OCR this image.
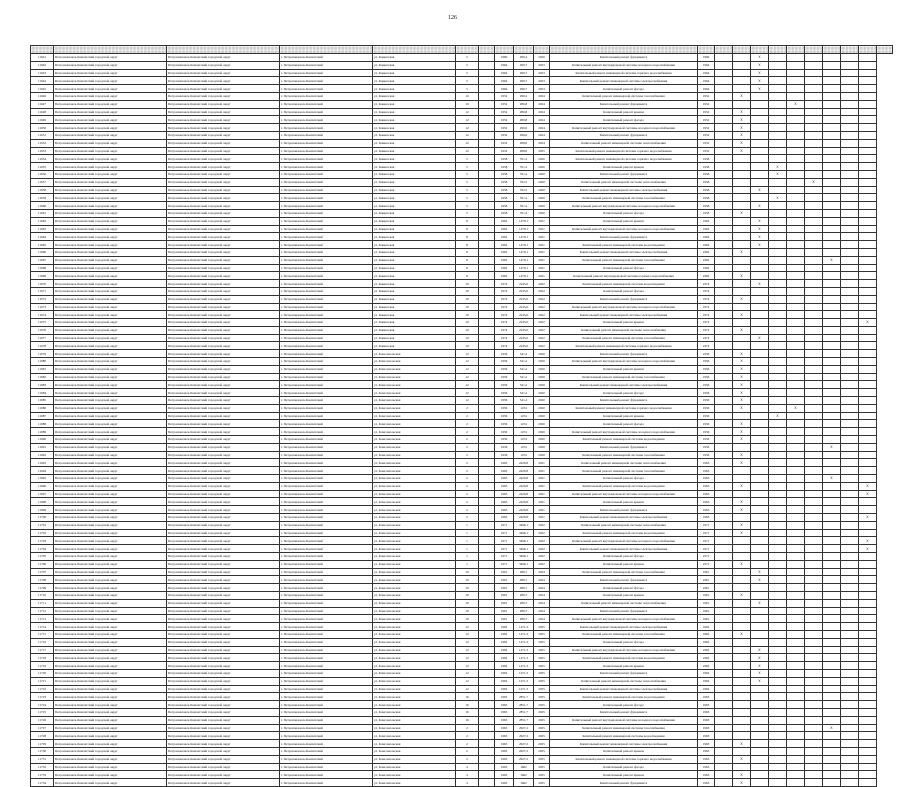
126

11641	Петропавловск-Камчатский городской округ	Петропавловск-Камчатский городской округ	г. Петропавловск-Камчатский	ул. Кавказская	5		1960	296,2	2020	Капитальный ремонт фундамента	1960			X							
11642	Петропавловск-Камчатский городской округ	Петропавловск-Камчатский городской округ	г. Петропавловск-Камчатский	ул. Кавказская	5		1964	296,7	2023	Капитальный ремонт внутридомовой системы холодного водоснабжения	1964			X							
11643	Петропавловск-Камчатский городской округ	Петропавловск-Камчатский городской округ	г. Петропавловск-Камчатский	ул. Кавказская	5		1964	296,7	2023	Капитальный ремонт инженерной системы горячего водоснабжения	1964			X							
11644	Петропавловск-Камчатский городской округ	Петропавловск-Камчатский городской округ	г. Петропавловск-Камчатский	ул. Кавказская	5		1964	296,7	2023	Капитальный ремонт инженерной системы электроснабжения	1964			X							
11645	Петропавловск-Камчатский городской округ	Петропавловск-Камчатский городской округ	г. Петропавловск-Камчатский	ул. Кавказская	5		1964	296,7	2023	Капитальный ремонт фасада	1964			X							
11646	Петропавловск-Камчатский городской округ	Петропавловск-Камчатский городской округ	г. Петропавловск-Камчатский	ул. Кавказская	10		1952	296,2	2024	Капитальный ремонт инженерной системы газоснабжения	1952		X								
11647	Петропавловск-Камчатский городской округ	Петропавловск-Камчатский городской округ	г. Петропавловск-Камчатский	ул. Кавказская	10		1952	286,8	2024	Капитальный ремонт фундамента	1952					X					
11648	Петропавловск-Камчатский городской округ	Петропавловск-Камчатский городской округ	г. Петропавловск-Камчатский	ул. Кавказская	12		1952	286,8	2024	Капитальный ремонт крыши	1952		X								
11649	Петропавловск-Камчатский городской округ	Петропавловск-Камчатский городской округ	г. Петропавловск-Камчатский	ул. Кавказская	12		1952	286,8	2024	Капитальный ремонт фасада	1952		X								
11650	Петропавловск-Камчатский городской округ	Петропавловск-Камчатский городской округ	г. Петропавловск-Камчатский	ул. Кавказская	12		1952	296,0	2024	Капитальный ремонт внутридомовой системы холодного водоснабжения	1952		X								
11651	Петропавловск-Камчатский городской округ	Петропавловск-Камчатский городской округ	г. Петропавловск-Камчатский	ул. Кавказская	12		1952	296,0	2024	Капитальный ремонт фундамента	1952		X								
11652	Петропавловск-Камчатский городской округ	Петропавловск-Камчатский городской округ	г. Петропавловск-Камчатский	ул. Кавказская	12		1952	288,6	2024	Капитальный ремонт инженерной системы теплоснабжения	1952		X								
11653	Петропавловск-Камчатский городской округ	Петропавловск-Камчатский городской округ	г. Петропавловск-Камчатский	ул. Кавказская	12		1952	288,6	2025	Капитальный ремонт инженерной системы горячего водоснабжения	1952		X								
11654	Петропавловск-Камчатский городской округ	Петропавловск-Камчатский городской округ	г. Петропавловск-Камчатский	ул. Кавказская	5		1958	761,2	2020	Капитальный ремонт инженерной системы горячего водоснабжения	1958										
11655	Петропавловск-Камчатский городской округ	Петропавловск-Камчатский городской округ	г. Петропавловск-Камчатский	ул. Кавказская	5		1958	761,2	2020	Капитальный ремонт крыши	1958				X						
11656	Петропавловск-Камчатский городской округ	Петропавловск-Камчатский городской округ	г. Петропавловск-Камчатский	ул. Кавказская	5		1958	761,2	2020	Капитальный ремонт фундамента	1958				X						
11657	Петропавловск-Камчатский городской округ	Петропавловск-Камчатский городской округ	г. Петропавловск-Камчатский	ул. Кавказская	5		1958	762,5	2020	Капитальный ремонт инженерной системы теплоснабжения	1958						X				
11658	Петропавловск-Камчатский городской округ	Петропавловск-Камчатский городской округ	г. Петропавловск-Камчатский	ул. Кавказская	5		1958	762,5	2020	Капитальный ремонт инженерной системы электроснабжения	1958			X							
11659	Петропавловск-Камчатский городской округ	Петропавловск-Камчатский городской округ	г. Петропавловск-Камчатский	ул. Кавказская	5		1958	761,2	2020	Капитальный ремонт инженерной системы газоснабжения	1958				X						
11660	Петропавловск-Камчатский городской округ	Петропавловск-Камчатский городской округ	г. Петропавловск-Камчатский	ул. Кавказская	5		1958	761,2	2020	Капитальный ремонт внутридомовой системы холодного водоснабжения	1958			X							
11661	Петропавловск-Камчатский городской округ	Петропавловск-Камчатский городской округ	г. Петропавловск-Камчатский	ул. Кавказская	5		1958	761,2	2020	Капитальный ремонт фасада	1958		X								
11662	Петропавловск-Камчатский городской округ	Петропавловск-Камчатский городской округ	г. Петропавловск-Камчатский	ул. Кавказская	8		1962	1470,1	2021	Капитальный ремонт крыши	1962			X							
11663	Петропавловск-Камчатский городской округ	Петропавловск-Камчатский городской округ	г. Петропавловск-Камчатский	ул. Кавказская	8		1962	1470,1	2021	Капитальный ремонт внутридомовой системы холодного водоснабжения	1962			X							
11664	Петропавловск-Камчатский городской округ	Петропавловск-Камчатский городской округ	г. Петропавловск-Камчатский	ул. Кавказская	8		1962	1470,1	2021	Капитальный ремонт фундамента	1962			X							
11665	Петропавловск-Камчатский городской округ	Петропавловск-Камчатский городской округ	г. Петропавловск-Камчатский	ул. Кавказская	8		1962	1470,1	2021	Капитальный ремонт инженерной системы водоотведения	1962			X							
11666	Петропавловск-Камчатский городской округ	Петропавловск-Камчатский городской округ	г. Петропавловск-Камчатский	ул. Кавказская	8		1962	1470,1	2021	Капитальный ремонт инженерной системы электроснабжения	1962		X								
11667	Петропавловск-Камчатский городской округ	Петропавловск-Камчатский городской округ	г. Петропавловск-Камчатский	ул. Кавказская	8		1962	1470,1	2021	Капитальный ремонт инженерной системы газоснабжения	1962							X			
11668	Петропавловск-Камчатский городской округ	Петропавловск-Камчатский городской округ	г. Петропавловск-Камчатский	ул. Кавказская	8		1962	1470,1	2021	Капитальный ремонт фасада	1962										
11669	Петропавловск-Камчатский городской округ	Петропавловск-Камчатский городской округ	г. Петропавловск-Камчатский	ул. Кавказская	8		1962	1470,1	2021	Капитальный ремонт внутридомовой системы горячего водоснабжения	1962		X								
11670	Петропавловск-Камчатский городской округ	Петропавловск-Камчатский городской округ	г. Петропавловск-Камчатский	ул. Кавказская	10		1974	2245,6	2022	Капитальный ремонт инженерной системы водоотведения	1974			X							
11671	Петропавловск-Камчатский городской округ	Петропавловск-Камчатский городской округ	г. Петропавловск-Камчатский	ул. Кавказская	10		1974	2245,6	2022	Капитальный ремонт фасада	1974										
11672	Петропавловск-Камчатский городской округ	Петропавловск-Камчатский городской округ	г. Петропавловск-Камчатский	ул. Кавказская	10		1974	2245,6	2022	Капитальный ремонт фундамента	1974		X								
11673	Петропавловск-Камчатский городской округ	Петропавловск-Камчатский городской округ	г. Петропавловск-Камчатский	ул. Кавказская	10		1974	2245,6	2022	Капитальный ремонт внутридомовой системы холодного водоснабжения	1974										
11674	Петропавловск-Камчатский городской округ	Петропавловск-Камчатский городской округ	г. Петропавловск-Камчатский	ул. Кавказская	10		1974	2245,6	2022	Капитальный ремонт инженерной системы электроснабжения	1974		X								
11675	Петропавловск-Камчатский городской округ	Петропавловск-Камчатский городской округ	г. Петропавловск-Камчатский	ул. Кавказская	10		1974	2245,6	2022	Капитальный ремонт крыши	1974									X	
11676	Петропавловск-Камчатский городской округ	Петропавловск-Камчатский городской округ	г. Петропавловск-Камчатский	ул. Кавказская	10		1974	2245,6	2022	Капитальный ремонт инженерной системы теплоснабжения	1974		X								
11677	Петропавловск-Камчатский городской округ	Петропавловск-Камчатский городской округ	г. Петропавловск-Камчатский	ул. Кавказская	10		1974	2245,6	2022	Капитальный ремонт инженерной системы газоснабжения	1974			X							
11678	Петропавловск-Камчатский городской округ	Петропавловск-Камчатский городской округ	г. Петропавловск-Камчатский	ул. Кавказская	10		1974	2245,6	2022	Капитальный ремонт инженерной системы горячего водоснабжения	1974										
11679	Петропавловск-Камчатский городской округ	Петропавловск-Камчатский городской округ	г. Петропавловск-Камчатский	ул. Комсомольская	12		1956	541,2	2020	Капитальный ремонт фундамента	1956		X								
11680	Петропавловск-Камчатский городской округ	Петропавловск-Камчатский городской округ	г. Петропавловск-Камчатский	ул. Комсомольская	12		1956	541,2	2020	Капитальный ремонт внутридомовой системы холодного водоснабжения	1956		X								
11681	Петропавловск-Камчатский городской округ	Петропавловск-Камчатский городской округ	г. Петропавловск-Камчатский	ул. Комсомольская	12		1956	541,2	2020	Капитальный ремонт крыши	1956		X								
11682	Петропавловск-Камчатский городской округ	Петропавловск-Камчатский городской округ	г. Петропавловск-Камчатский	ул. Комсомольская	12		1956	541,2	2020	Капитальный ремонт инженерной системы газоснабжения	1956		X								
11683	Петропавловск-Камчатский городской округ	Петропавловск-Камчатский городской округ	г. Петропавловск-Камчатский	ул. Комсомольская	12		1956	541,2	2020	Капитальный ремонт инженерной системы электроснабжения	1956		X								
11684	Петропавловск-Камчатский городской округ	Петропавловск-Камчатский городской округ	г. Петропавловск-Камчатский	ул. Комсомольская	12		1956	541,2	2020	Капитальный ремонт фасада	1956		X								
11685	Петропавловск-Камчатский городской округ	Петропавловск-Камчатский городской округ	г. Петропавловск-Камчатский	ул. Комсомольская	12		1956	541,2	2020	Капитальный ремонт фундамента	1956		X								
11686	Петропавловск-Камчатский городской округ	Петропавловск-Камчатский городской округ	г. Петропавловск-Камчатский	ул. Комсомольская	2		1956	1474	2020	Капитальный ремонт инженерной системы горячего водоснабжения	1956		X			X					
11687	Петропавловск-Камчатский городской округ	Петропавловск-Камчатский городской округ	г. Петропавловск-Камчатский	ул. Комсомольская	2		1956	1474	2020	Капитальный ремонт крыши	1956				X						
11688	Петропавловск-Камчатский городской округ	Петропавловск-Камчатский городской округ	г. Петропавловск-Камчатский	ул. Комсомольская	2		1956	1474	2020	Капитальный ремонт фасада	1956		X								
11689	Петропавловск-Камчатский городской округ	Петропавловск-Камчатский городской округ	г. Петропавловск-Камчатский	ул. Комсомольская	2		1956	1474	2020	Капитальный ремонт внутридомовой системы холодного водоснабжения	1956		X								
11690	Петропавловск-Камчатский городской округ	Петропавловск-Камчатский городской округ	г. Петропавловск-Камчатский	ул. Комсомольская	2		1956	1474	2020	Капитальный ремонт инженерной системы водоотведения	1956		X								
11691	Петропавловск-Камчатский городской округ	Петропавловск-Камчатский городской округ	г. Петропавловск-Камчатский	ул. Комсомольская	2		1956	1474	2020	Капитальный ремонт фундамента	1956							X			
11692	Петропавловск-Камчатский городской округ	Петропавловск-Камчатский городской округ	г. Петропавловск-Камчатский	ул. Комсомольская	2		1956	1474	2020	Капитальный ремонт инженерной системы газоснабжения	1956		X								
11693	Петропавловск-Камчатский городской округ	Петропавловск-Камчатский городской округ	г. Петропавловск-Камчатский	ул. Комсомольская	2		1963	2420,8	2021	Капитальный ремонт инженерной системы теплоснабжения	1963		X								
11694	Петропавловск-Камчатский городской округ	Петропавловск-Камчатский городской округ	г. Петропавловск-Камчатский	ул. Комсомольская	2		1963	2420,8	2021	Капитальный ремонт инженерной системы газоснабжения	1963										
11695	Петропавловск-Камчатский городской округ	Петропавловск-Камчатский городской округ	г. Петропавловск-Камчатский	ул. Комсомольская	2		1963	2420,8	2021	Капитальный ремонт фасада	1963							X			
11696	Петропавловск-Камчатский городской округ	Петропавловск-Камчатский городской округ	г. Петропавловск-Камчатский	ул. Комсомольская	2		1963	2420,8	2021	Капитальный ремонт инженерной системы водоотведения	1963		X							X	
11697	Петропавловск-Камчатский городской округ	Петропавловск-Камчатский городской округ	г. Петропавловск-Камчатский	ул. Комсомольская	2		1963	2420,8	2021	Капитальный ремонт внутридомовой системы холодного водоснабжения	1963									X	
11698	Петропавловск-Камчатский городской округ	Петропавловск-Камчатский городской округ	г. Петропавловск-Камчатский	ул. Комсомольская	2		1963	2420,8	2021	Капитальный ремонт крыши	1963		X								
11699	Петропавловск-Камчатский городской округ	Петропавловск-Камчатский городской округ	г. Петропавловск-Камчатский	ул. Комсомольская	2		1963	2420,8	2021	Капитальный ремонт фундамента	1963		X								
11700	Петропавловск-Камчатский городской округ	Петропавловск-Камчатский городской округ	г. Петропавловск-Камчатский	ул. Комсомольская	2		1963	2420,8	2021	Капитальный ремонт инженерной системы электроснабжения	1963									X	
11701	Петропавловск-Камчатский городской округ	Петропавловск-Камчатский городской округ	г. Петропавловск-Камчатский	ул. Комсомольская	1		1971	3496,1	2022	Капитальный ремонт инженерной системы теплоснабжения	1971		X								
11702	Петропавловск-Камчатский городской округ	Петропавловск-Камчатский городской округ	г. Петропавловск-Камчатский	ул. Комсомольская	1		1971	3496,1	2022	Капитальный ремонт инженерной системы водоотведения	1971		X								
11703	Петропавловск-Камчатский городской округ	Петропавловск-Камчатский городской округ	г. Петропавловск-Камчатский	ул. Комсомольская	1		1971	3496,1	2022	Капитальный ремонт внутридомовой системы холодного водоснабжения	1971									X	
11704	Петропавловск-Камчатский городской округ	Петропавловск-Камчатский городской округ	г. Петропавловск-Камчатский	ул. Комсомольская	1		1971	3496,1	2022	Капитальный ремонт инженерной системы электроснабжения	1971									X	
11705	Петропавловск-Камчатский городской округ	Петропавловск-Камчатский городской округ	г. Петропавловск-Камчатский	ул. Комсомольская	1		1971	3496,1	2022	Капитальный ремонт фасада	1971										
11706	Петропавловск-Камчатский городской округ	Петропавловск-Камчатский городской округ	г. Петропавловск-Камчатский	ул. Комсомольская	1		1971	3496,1	2022	Капитальный ремонт крыши	1971		X								
11707	Петропавловск-Камчатский городской округ	Петропавловск-Камчатский городской округ	г. Петропавловск-Камчатский	ул. Комсомольская	10		1961	286,7	2024	Капитальный ремонт инженерной системы газоснабжения	1961			X							
11708	Петропавловск-Камчатский городской округ	Петропавловск-Камчатский городской округ	г. Петропавловск-Камчатский	ул. Комсомольская	10		1961	286,7	2024	Капитальный ремонт фундамента	1961			X							
11709	Петропавловск-Камчатский городской округ	Петропавловск-Камчатский городской округ	г. Петропавловск-Камчатский	ул. Комсомольская	10		1961	286,7	2024	Капитальный ремонт фасада	1961										
11710	Петропавловск-Камчатский городской округ	Петропавловск-Камчатский городской округ	г. Петропавловск-Камчатский	ул. Комсомольская	10		1961	286,7	2024	Капитальный ремонт крыши	1961		X								
11711	Петропавловск-Камчатский городской округ	Петропавловск-Камчатский городской округ	г. Петропавловск-Камчатский	ул. Комсомольская	10		1961	286,7	2024	Капитальный ремонт инженерной системы теплоснабжения	1961			X							
11712	Петропавловск-Камчатский городской округ	Петропавловск-Камчатский городской округ	г. Петропавловск-Камчатский	ул. Комсомольская	10		1961	286,7	2024	Капитальный ремонт фундамента	1961										
11713	Петропавловск-Камчатский городской округ	Петропавловск-Камчатский городской округ	г. Петропавловск-Камчатский	ул. Комсомольская	10		1961	286,7	2024	Капитальный ремонт внутридомовой системы холодного водоснабжения	1961										
11714	Петропавловск-Камчатский городской округ	Петропавловск-Камчатский городской округ	г. Петропавловск-Камчатский	ул. Комсомольская	12		1962	1471,3	2025	Капитальный ремонт инженерной системы электроснабжения	1962										
11715	Петропавловск-Камчатский городской округ	Петропавловск-Камчатский городской округ	г. Петропавловск-Камчатский	ул. Комсомольская	12		1962	1471,3	2025	Капитальный ремонт инженерной системы газоснабжения	1962		X								
11716	Петропавловск-Камчатский городской округ	Петропавловск-Камчатский городской округ	г. Петропавловск-Камчатский	ул. Комсомольская	12		1962	1471,3	2025	Капитальный ремонт фасада	1962										
11717	Петропавловск-Камчатский городской округ	Петропавловск-Камчатский городской округ	г. Петропавловск-Камчатский	ул. Комсомольская	12		1962	1471,3	2025	Капитальный ремонт внутридомовой системы холодного водоснабжения	1962			X							
11718	Петропавловск-Камчатский городской округ	Петропавловск-Камчатский городской округ	г. Петропавловск-Камчатский	ул. Комсомольская	12		1962	1471,3	2025	Капитальный ремонт инженерной системы водоотведения	1962			X							
11719	Петропавловск-Камчатский городской округ	Петропавловск-Камчатский городской округ	г. Петропавловск-Камчатский	ул. Комсомольская	12		1962	1471,3	2025	Капитальный ремонт крыши	1962			X							
11720	Петропавловск-Камчатский городской округ	Петропавловск-Камчатский городской округ	г. Петропавловск-Камчатский	ул. Комсомольская	12		1962	1471,3	2025	Капитальный ремонт фундамента	1962			X							
11721	Петропавловск-Камчатский городской округ	Петропавловск-Камчатский городской округ	г. Петропавловск-Камчатский	ул. Комсомольская	12		1962	1471,3	2025	Капитальный ремонт инженерной системы теплоснабжения	1962			X							
11722	Петропавловск-Камчатский городской округ	Петропавловск-Камчатский городской округ	г. Петропавловск-Камчатский	ул. Комсомольская	12		1962	1471,3	2025	Капитальный ремонт инженерной системы электроснабжения	1962										
11723	Петропавловск-Камчатский городской округ	Петропавловск-Камчатский городской округ	г. Петропавловск-Камчатский	ул. Комсомольская	16		1963	2851,7	2025	Капитальный ремонт инженерной системы водоотведения	1963										
11724	Петропавловск-Камчатский городской округ	Петропавловск-Камчатский городской округ	г. Петропавловск-Камчатский	ул. Комсомольская	16		1963	2851,7	2025	Капитальный ремонт фасада	1963										
11725	Петропавловск-Камчатский городской округ	Петропавловск-Камчатский городской округ	г. Петропавловск-Камчатский	ул. Комсомольская	16		1963	2851,7	2025	Капитальный ремонт фундамента	1963										
11726	Петропавловск-Камчатский городской округ	Петропавловск-Камчатский городской округ	г. Петропавловск-Камчатский	ул. Комсомольская	16		1963	2851,7	2025	Капитальный ремонт внутридомовой системы холодного водоснабжения	1963										
11727	Петропавловск-Камчатский городской округ	Петропавловск-Камчатский городской округ	г. Петропавловск-Камчатский	ул. Комсомольская	2		1963	2627,2	2025	Капитальный ремонт инженерной системы газоснабжения	1963							X			
11728	Петропавловск-Камчатский городской округ	Петропавловск-Камчатский городской округ	г. Петропавловск-Камчатский	ул. Комсомольская	2		1963	2627,2	2025	Капитальный ремонт инженерной системы водоотведения	1963										
11729	Петропавловск-Камчатский городской округ	Петропавловск-Камчатский городской округ	г. Петропавловск-Камчатский	ул. Комсомольская	2		1963	2627,2	2025	Капитальный ремонт инженерной системы электроснабжения	1963		X								
11730	Петропавловск-Камчатский городской округ	Петропавловск-Камчатский городской округ	г. Петропавловск-Камчатский	ул. Комсомольская	2		1963	2627,2	2025	Капитальный ремонт крыши	1963										
11731	Петропавловск-Камчатский городской округ	Петропавловск-Камчатский городской округ	г. Петропавловск-Камчатский	ул. Комсомольская	2		1963	2627,2	2025	Капитальный ремонт инженерной системы горячего водоснабжения	1963		X								
11732	Петропавловск-Камчатский городской округ	Петропавловск-Камчатский городской округ	г. Петропавловск-Камчатский	ул. Комсомольская	4		1963	1602	2025	Капитальный ремонт фасада	1963										
11733	Петропавловск-Камчатский городской округ	Петропавловск-Камчатский городской округ	г. Петропавловск-Камчатский	ул. Комсомольская	4		1963	1602	2025	Капитальный ремонт крыши	1963		X								
11734	Петропавловск-Камчатский городской округ	Петропавловск-Камчатский городской округ	г. Петропавловск-Камчатский	ул. Комсомольская	4		1963	1602	2025	Капитальный ремонт фундамента	1963		X								
